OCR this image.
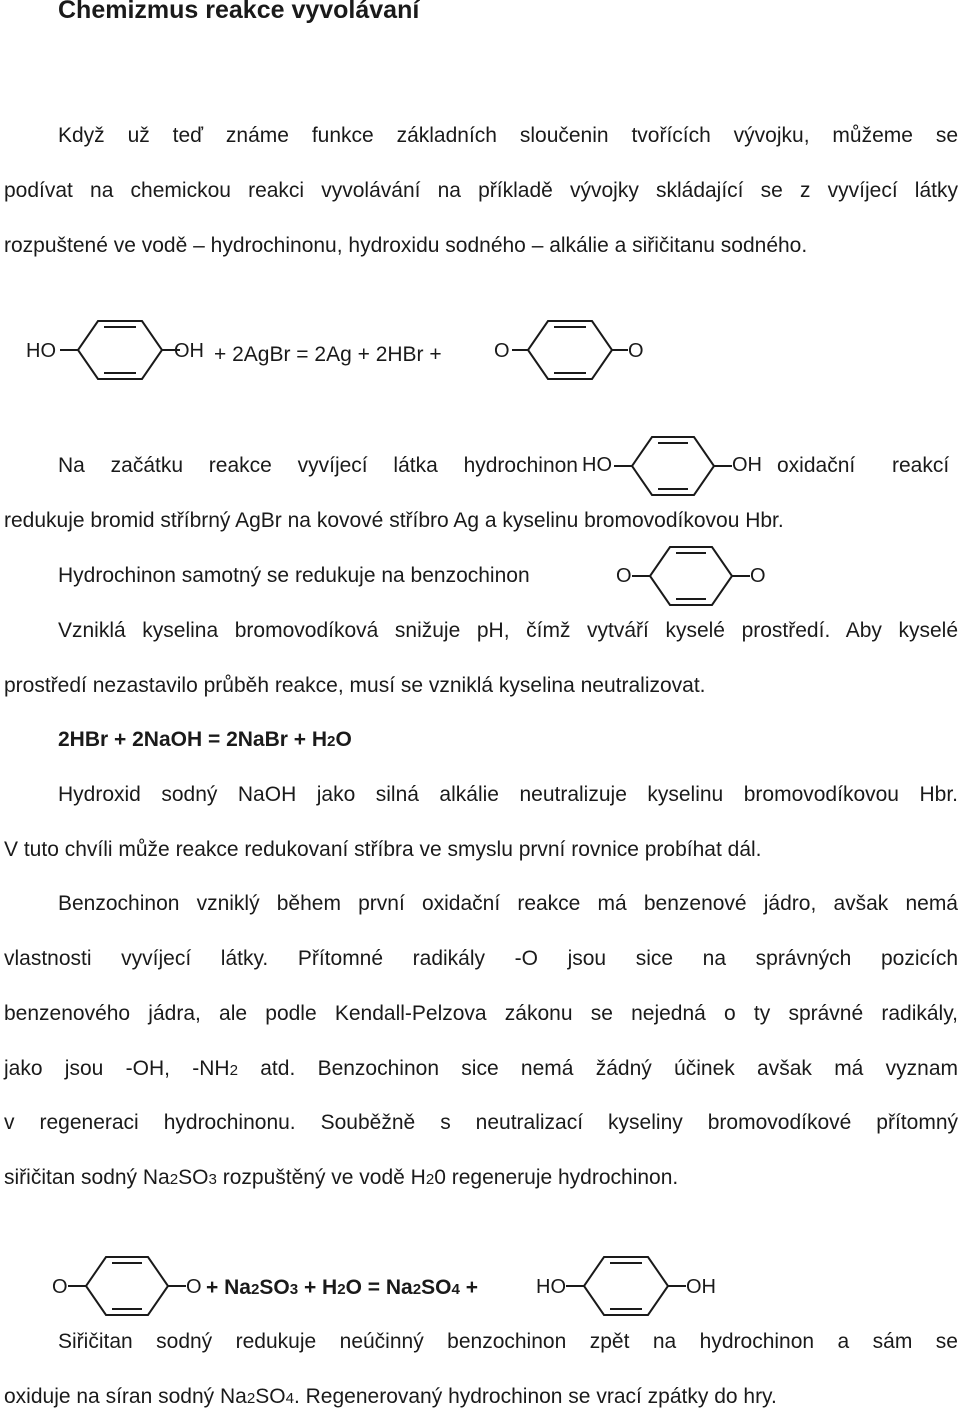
Chemizmus reakce vyvolávaní
Když už teď známe funkce základních sloučenin tvořících vývojku, můžeme se
podívat na chemickou reakci vyvolávání na příkladě vývojky skládající se z vyvíjecí látky
rozpuštené ve vodě – hydrochinonu, hydroxidu sodného – alkálie a siřičitanu sodného.
HO	OH + 2AgBr = 2Ag + 2HBr +	O	O
Na začátku reakce vyvíjecí látka hydrochinon HO	OH oxidační reakcí
redukuje bromid stříbrný AgBr na kovové stříbro Ag a kyselinu bromovodíkovou Hbr.
Hydrochinon samotný se redukuje na benzochinon	O	O
Vzniklá kyselina bromovodíková snižuje pH, čímž vytváří kyselé prostředí. Aby kyselé
prostředí nezastavilo průběh reakce, musí se vzniklá kyselina neutralizovat.
2HBr + 2NaOH = 2NaBr + H2O
Hydroxid sodný NaOH jako silná alkálie neutralizuje kyselinu bromovodíkovou Hbr.
V tuto chvíli může reakce redukovaní stříbra ve smyslu první rovnice probíhat dál.
Benzochinon vzniklý během první oxidační reakce má benzenové jádro, avšak nemá
vlastnosti vyvíjecí látky. Přítomné radikály -O jsou sice na správných pozicích
benzenového jádra, ale podle Kendall-Pelzova zákonu se nejedná o ty správné radikály,
jako jsou -OH, -NH2 atd. Benzochinon sice nemá žádný účinek avšak má vyznam
v regeneraci hydrochinonu. Souběžně s neutralizací kyseliny bromovodíkové přítomný
siřičitan sodný Na2SO3 rozpuštěný ve vodě H20 regeneruje hydrochinon.
O	O + Na2SO3 + H2O = Na2SO4 +	HO	OH
Siřičitan sodný redukuje neúčinný benzochinon zpět na hydrochinon a sám se
oxiduje na síran sodný Na2SO4. Regenerovaný hydrochinon se vrací zpátky do hry.
